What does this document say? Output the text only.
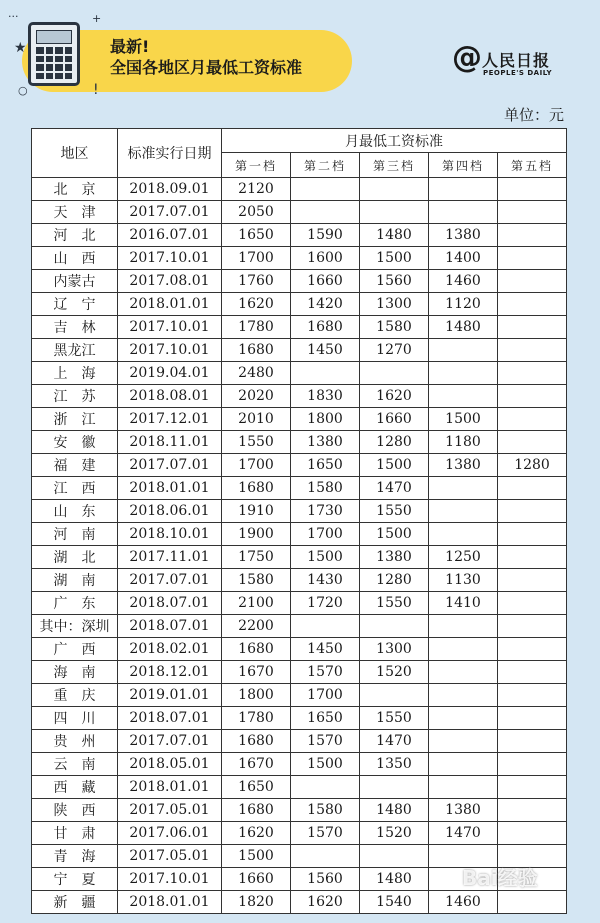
+
···
★
○	!
最新!
全国各地区月最低工资标准	@ 人民日报
PEOPLE'S DAILY
单位：元
地区	标准实行日期	月最低工资标准				
		第一档	第二档	第三档	第四档	第五档
北　京	2018.09.01	2120				
天　津	2017.07.01	2050				
河　北	2016.07.01	1650	1590	1480	1380	
山　西	2017.10.01	1700	1600	1500	1400	
内蒙古	2017.08.01	1760	1660	1560	1460	
辽　宁	2018.01.01	1620	1420	1300	1120	
吉　林	2017.10.01	1780	1680	1580	1480	
黑龙江	2017.10.01	1680	1450	1270		
上　海	2019.04.01	2480				
江　苏	2018.08.01	2020	1830	1620		
浙　江	2017.12.01	2010	1800	1660	1500	
安　徽	2018.11.01	1550	1380	1280	1180	
福　建	2017.07.01	1700	1650	1500	1380	1280
江　西	2018.01.01	1680	1580	1470		
山　东	2018.06.01	1910	1730	1550		
河　南	2018.10.01	1900	1700	1500		
湖　北	2017.11.01	1750	1500	1380	1250	
湖　南	2017.07.01	1580	1430	1280	1130	
广　东	2018.07.01	2100	1720	1550	1410	
其中：深圳	2018.07.01	2200				
广　西	2018.02.01	1680	1450	1300		
海　南	2018.12.01	1670	1570	1520		
重　庆	2019.01.01	1800	1700			
四　川	2018.07.01	1780	1650	1550		
贵　州	2017.07.01	1680	1570	1470		
云　南	2018.05.01	1670	1500	1350		
西　藏	2018.01.01	1650				
陕　西	2017.05.01	1680	1580	1480	1380	
甘　肃	2017.06.01	1620	1570	1520	1470	
青　海	2017.05.01	1500				
宁　夏	2017.10.01	1660	1560	1480		
新　疆	2018.01.01	1820	1620	1540	1460	
Bai经验
